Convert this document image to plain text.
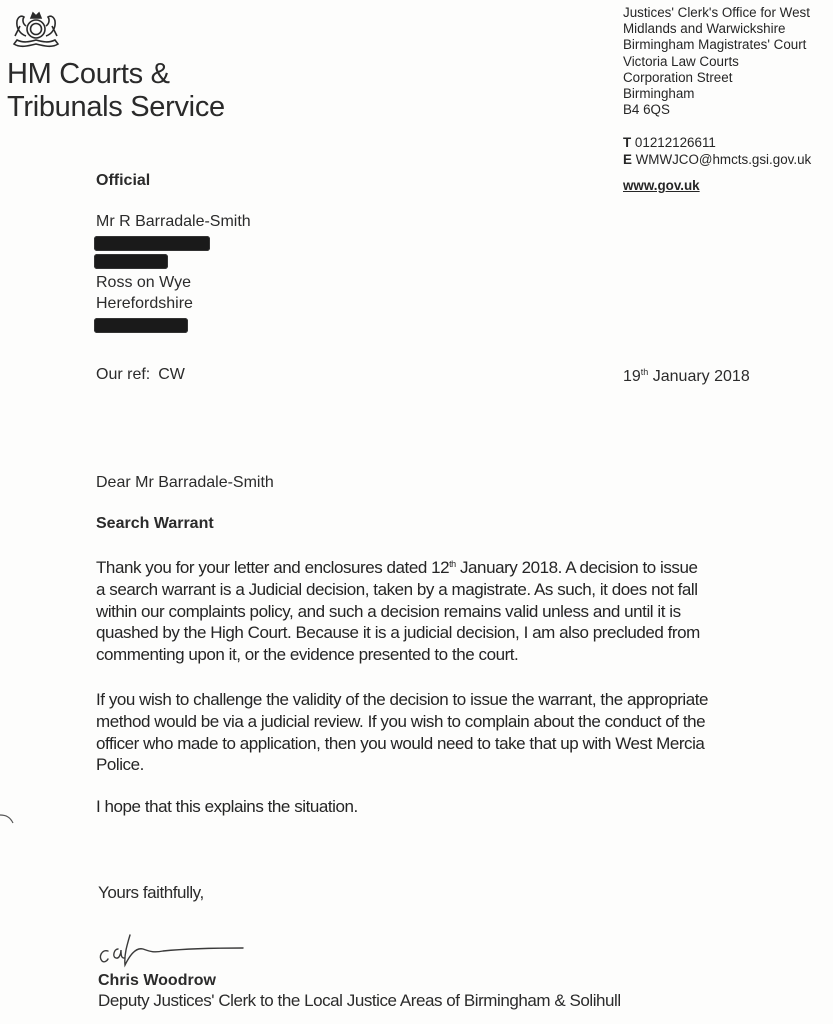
HM Courts &
Tribunals Service
Justices' Clerk's Office for West
Midlands and Warwickshire
Birmingham Magistrates' Court
Victoria Law Courts
Corporation Street
Birmingham
B4 6QS
T 01212126611
E WMWJCO@hmcts.gsi.gov.uk
www.gov.uk
Official
Mr R Barradale-Smith
Ross on Wye
Herefordshire
Our ref: CW	19th January 2018
Dear Mr Barradale-Smith
Search Warrant
Thank you for your letter and enclosures dated 12th January 2018. A decision to issue
a search warrant is a Judicial decision, taken by a magistrate. As such, it does not fall
within our complaints policy, and such a decision remains valid unless and until it is
quashed by the High Court. Because it is a judicial decision, I am also precluded from
commenting upon it, or the evidence presented to the court.
If you wish to challenge the validity of the decision to issue the warrant, the appropriate
method would be via a judicial review. If you wish to complain about the conduct of the
officer who made to application, then you would need to take that up with West Mercia
Police.
I hope that this explains the situation.
Yours faithfully,
Chris Woodrow
Deputy Justices' Clerk to the Local Justice Areas of Birmingham & Solihull
